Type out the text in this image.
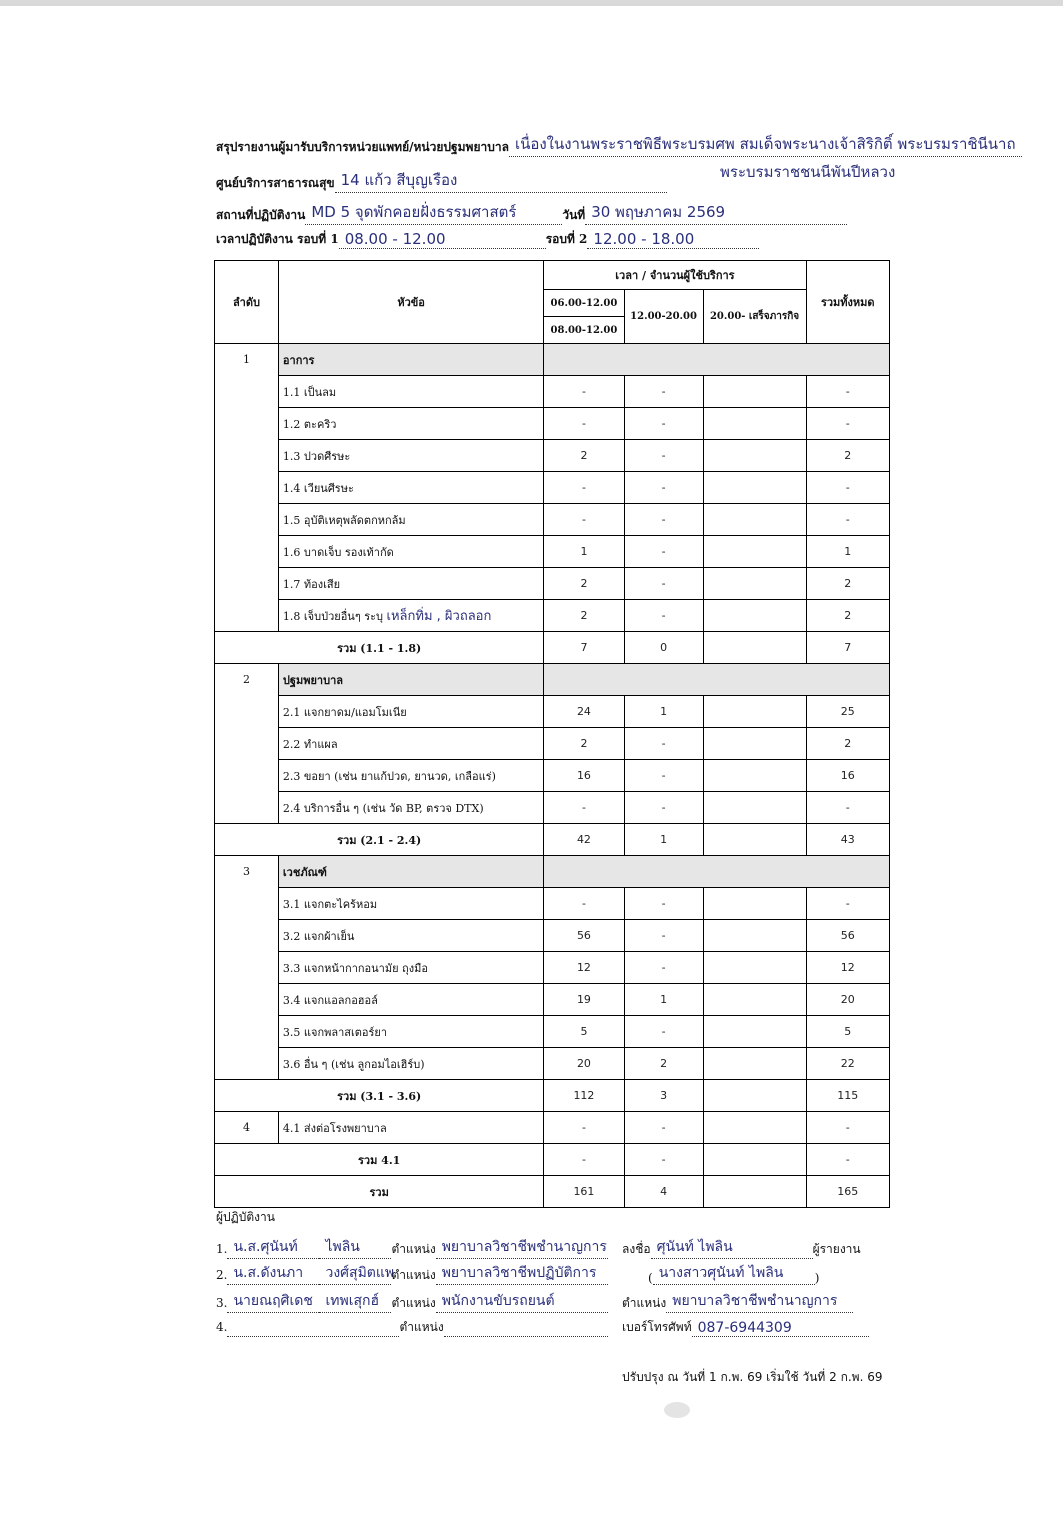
สรุปรายงานผู้มารับบริการหน่วยแพทย์/หน่วยปฐมพยาบาล เนื่องในงานพระราชพิธีพระบรมศพ สมเด็จพระนางเจ้าสิริกิติ์ พระบรมราชินีนาถ
พระบรมราชชนนีพันปีหลวง
ศูนย์บริการสาธารณสุข 14 แก้ว สีบุญเรือง
สถานที่ปฏิบัติงาน MD 5 จุดพักคอยฝั่งธรรมศาสตร์	วันที่ 30 พฤษภาคม 2569
เวลาปฏิบัติงาน รอบที่ 1 08.00 - 12.00	รอบที่ 2 12.00 - 18.00
ลำดับ	หัวข้อ	เวลา / จำนวนผู้ใช้บริการ			รวมทั้งหมด
		06.00-12.00	12.00-20.00	20.00- เสร็จภารกิจ	
		08.00-12.00			
1	อาการ				
	1.1 เป็นลม	-	-		-
	1.2 ตะคริว	-	-		-
	1.3 ปวดศีรษะ	2	-		2
	1.4 เวียนศีรษะ	-	-		-
	1.5 อุบัติเหตุพลัดตกหกล้ม	-	-		-
	1.6 บาดเจ็บ รองเท้ากัด	1	-		1
	1.7 ท้องเสีย	2	-		2
	1.8 เจ็บป่วยอื่นๆ ระบุ เหล็กทิ่ม , ผิวถลอก	2	-		2
รวม (1.1 - 1.8)		7	0		7
2	ปฐมพยาบาล				
	2.1 แจกยาดม/แอมโมเนีย	24	1		25
	2.2 ทำแผล	2	-		2
	2.3 ขอยา (เช่น ยาแก้ปวด, ยานวด, เกลือแร่)	16	-		16
	2.4 บริการอื่น ๆ (เช่น วัด BP, ตรวจ DTX)	-	-		-
รวม (2.1 - 2.4)		42	1		43
3	เวชภัณฑ์				
	3.1 แจกตะไคร้หอม	-	-		-
	3.2 แจกผ้าเย็น	56	-		56
	3.3 แจกหน้ากากอนามัย ถุงมือ	12	-		12
	3.4 แจกแอลกอฮอล์	19	1		20
	3.5 แจกพลาสเตอร์ยา	5	-		5
	3.6 อื่น ๆ (เช่น ลูกอมไอเฮิร์บ)	20	2		22
รวม (3.1 - 3.6)		112	3		115
4	4.1 ส่งต่อโรงพยาบาล	-	-		-
รวม 4.1		-	-		-
รวม		161	4		165
ผู้ปฏิบัติงาน
1. น.ส.ศุนันท์ ไพลิน	ตำแหน่ง พยาบาลวิชาชีพชำนาญการ
2. น.ส.ดังนภา วงศ์สุมิตแพตำแหน่ง พยาบาลวิชาชีพปฏิบัติการ
3. นายณฤศิเดช เทพเสุกฮ์ ตำแหน่ง พนักงานขับรถยนต์
4.	ตำแหน่ง
ลงชื่อ ศุนันท์ ไพลิน	ผู้รายงาน
( นางสาวศุนันท์ ไพลิน	)
ตำแหน่ง พยาบาลวิชาชีพชำนาญการ
เบอร์โทรศัพท์ 087-6944309
ปรับปรุง ณ วันที่ 1 ก.พ. 69 เริ่มใช้ วันที่ 2 ก.พ. 69
